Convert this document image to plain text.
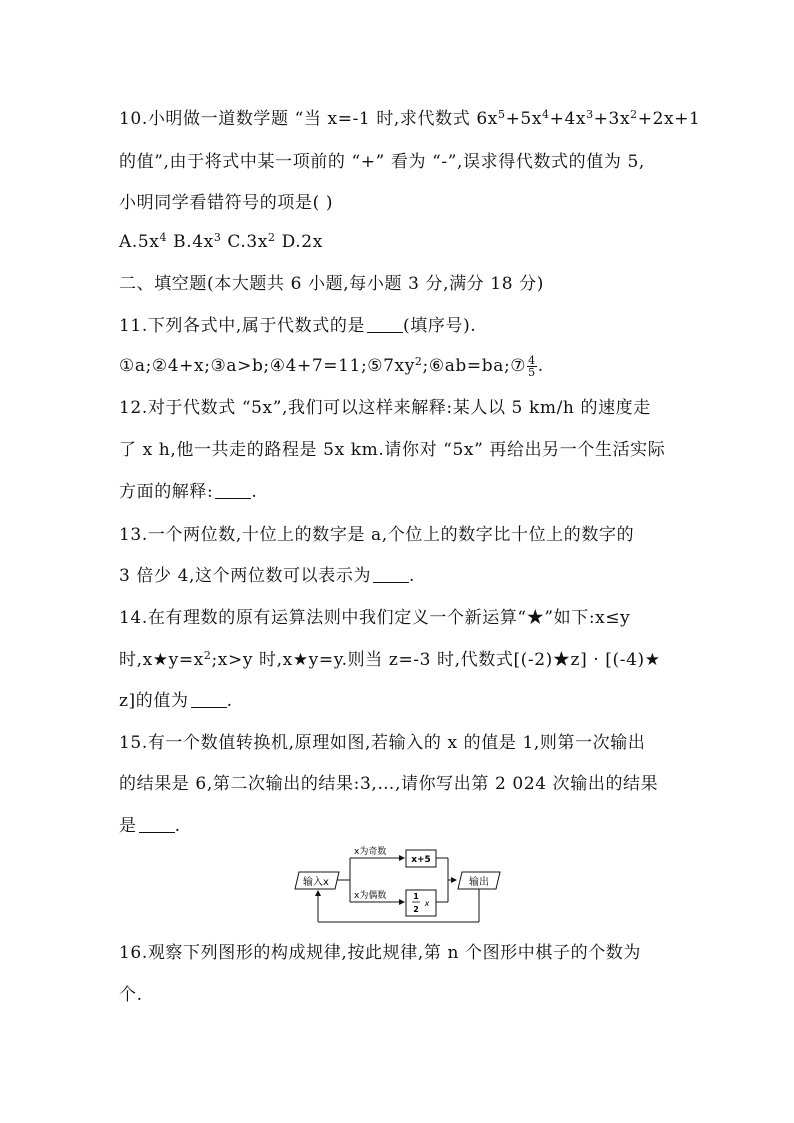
10.小明做一道数学题 “当 x=-1 时,求代数式 $6x^5+5x^4+4x^3+3x^2+2x+1$
的值”,由于将式中某一项前的 “+” 看为 “-”,误求得代数式的值为 5,
小明同学看错符号的项是( )
$A.5x^4$ $B.4x^3$ $C.3x^2$ D.2x
二、填空题(本大题共 6 小题,每小题 3 分,满分 18 分)
11.下列各式中,属于代数式的是 (填序号).
$①a;②4+x;③a>b;④4+7=11;⑤7xy^2;⑥ab=ba;⑦ \frac{4}{5}$ .
12.对于代数式 “5x”,我们可以这样来解释:某人以 5 km/h 的速度走
了 x h,他一共走的路程是 5x km.请你对 “5x” 再给出另一个生活实际
方面的解释: .
13.一个两位数,十位上的数字是 a,个位上的数字比十位上的数字的
3 倍少 4,这个两位数可以表示为 .
14.在有理数的原有运算法则中我们定义一个新运算“★”如下:x≤y
时$,x★y=x^2;x>y$ 时,x★y=y.则当 z=-3 时,代数式[(-2)★z] · [(-4)★
z]的值为 .
15.有一个数值转换机,原理如图,若输入的 x 的值是 1,则第一次输出
的结果是 6,第二次输出的结果:3,…,请你写出第 2 024 次输出的结果
是 .
输入x
x为奇数
x为偶数
x+5
1
2
x
输出
16.观察下列图形的构成规律,按此规律,第 n 个图形中棋子的个数为
个.
